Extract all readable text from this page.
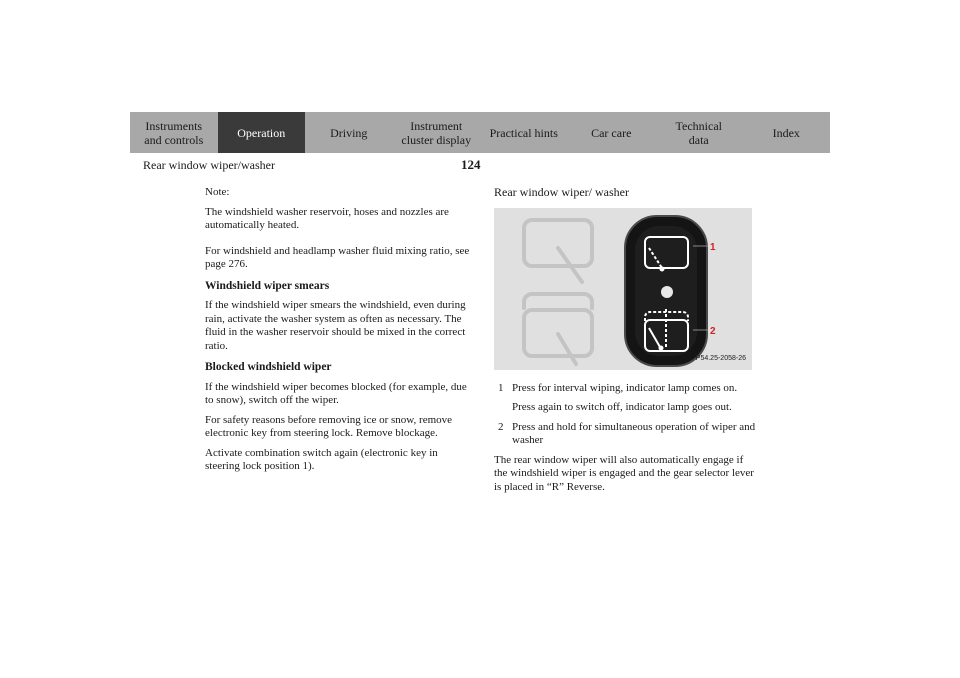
Instruments
and controls	Operation	Driving	Instrument
cluster display	Practical hints	Car care	Technical
data	Index
Rear window wiper/washer	124

Note:

The windshield washer reservoir, hoses and nozzles are automatically heated.

For windshield and headlamp washer fluid mixing ratio, see page 276.

Windshield wiper smears

If the windshield wiper smears the windshield, even during rain, activate the washer system as often as necessary. The fluid in the washer reservoir should be mixed in the correct ratio.

Blocked windshield wiper

If the windshield wiper becomes blocked (for example, due to snow), switch off the wiper.

For safety reasons before removing ice or snow, remove electronic key from steering lock. Remove blockage.

Activate combination switch again (electronic key in steering lock position 1).

Rear window wiper/ washer
1
2
P54.25-2058-26
1 Press for interval wiping, indicator lamp comes on.
Press again to switch off, indicator lamp goes out.
2 Press and hold for simultaneous operation of wiper and washer

The rear window wiper will also automatically engage if the windshield wiper is engaged and the gear selector lever is placed in “R” Reverse.
